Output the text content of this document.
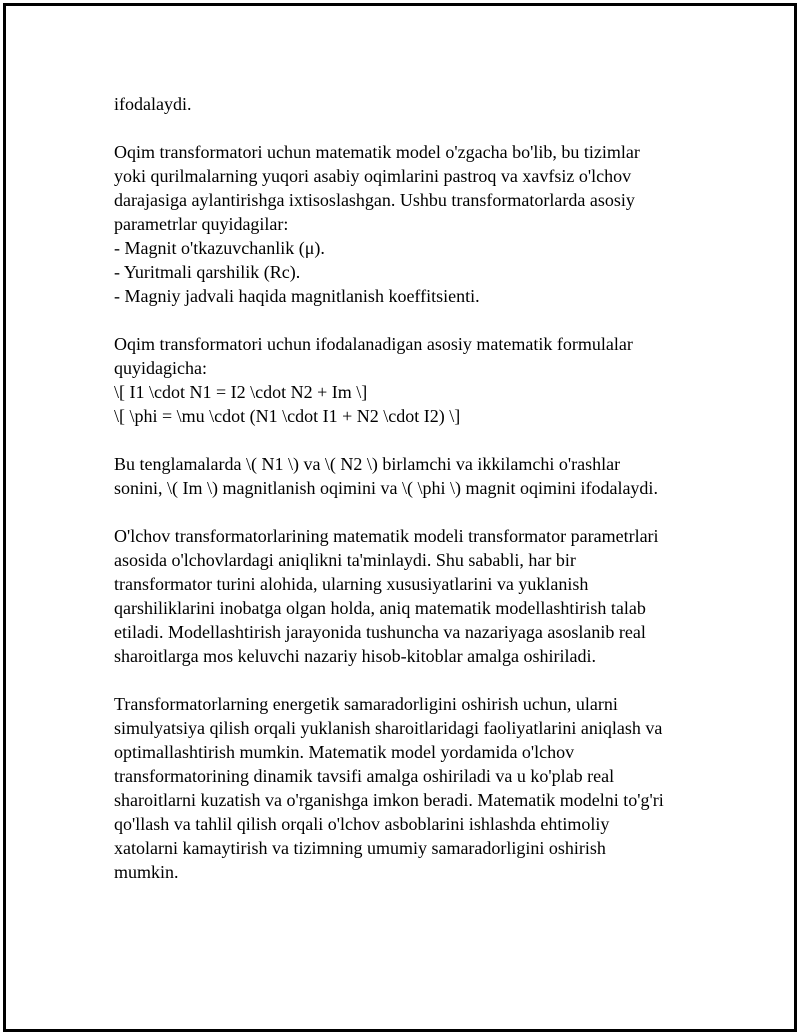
ifodalaydi.
Oqim transformatori uchun matematik model o'zgacha bo'lib, bu tizimlar
yoki qurilmalarning yuqori asabiy oqimlarini pastroq va xavfsiz o'lchov
darajasiga aylantirishga ixtisoslashgan. Ushbu transformatorlarda asosiy
parametrlar quyidagilar:
- Magnit o'tkazuvchanlik (μ).
- Yuritmali qarshilik (Rc).
- Magniy jadvali haqida magnitlanish koeffitsienti.
Oqim transformatori uchun ifodalanadigan asosiy matematik formulalar
quyidagicha:
\[ I1 \cdot N1 = I2 \cdot N2 + Im \]
\[ \phi = \mu \cdot (N1 \cdot I1 + N2 \cdot I2) \]
Bu tenglamalarda \( N1 \) va \( N2 \) birlamchi va ikkilamchi o'rashlar
sonini, \( Im \) magnitlanish oqimini va \( \phi \) magnit oqimini ifodalaydi.
O'lchov transformatorlarining matematik modeli transformator parametrlari
asosida o'lchovlardagi aniqlikni ta'minlaydi. Shu sababli, har bir
transformator turini alohida, ularning xususiyatlarini va yuklanish
qarshiliklarini inobatga olgan holda, aniq matematik modellashtirish talab
etiladi. Modellashtirish jarayonida tushuncha va nazariyaga asoslanib real
sharoitlarga mos keluvchi nazariy hisob-kitoblar amalga oshiriladi.
Transformatorlarning energetik samaradorligini oshirish uchun, ularni
simulyatsiya qilish orqali yuklanish sharoitlaridagi faoliyatlarini aniqlash va
optimallashtirish mumkin. Matematik model yordamida o'lchov
transformatorining dinamik tavsifi amalga oshiriladi va u ko'plab real
sharoitlarni kuzatish va o'rganishga imkon beradi. Matematik modelni to'g'ri
qo'llash va tahlil qilish orqali o'lchov asboblarini ishlashda ehtimoliy
xatolarni kamaytirish va tizimning umumiy samaradorligini oshirish
mumkin.
